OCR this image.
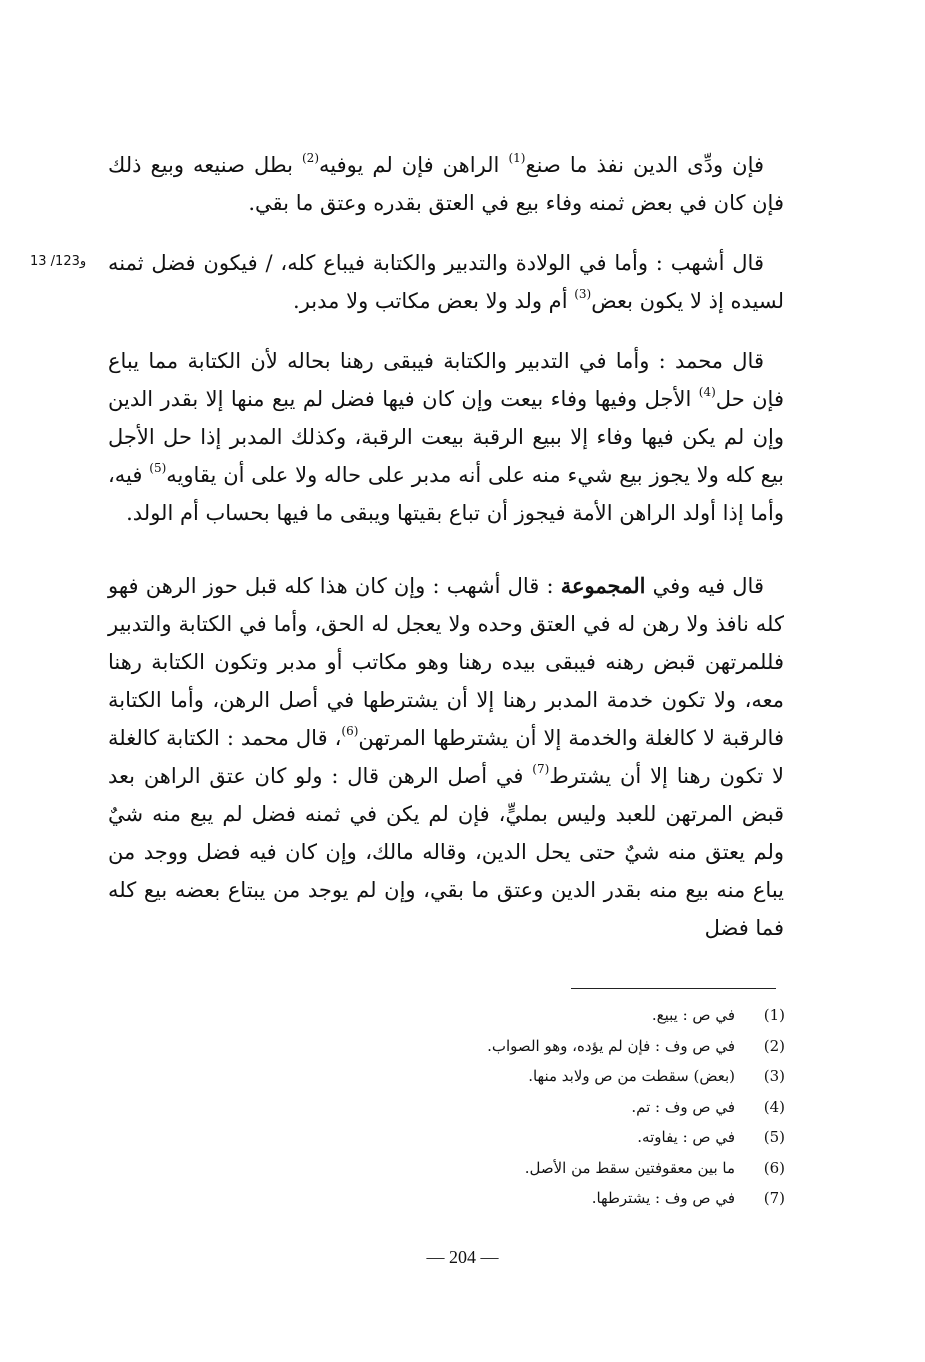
فإن ودِّى الدين نفذ ما صنع$^{(1)}$ الراهن فإن لم يوفيه$^{(2)}$ بطل صنيعه وبيع ذلك فإن كان في بعض ثمنه وفاء بيع في العتق بقدره وعتق ما بقي.
13 /123و قال أشهب : وأما في الولادة والتدبير والكتابة فيباع كله، / فيكون فضل ثمنه لسيده إذ لا يكون بعض$^{(3)}$ أم ولد ولا بعض مكاتب ولا مدبر.
قال محمد : وأما في التدبير والكتابة فيبقى رهنا بحاله لأن الكتابة مما يباع فإن حل$^{(4)}$ الأجل وفيها وفاء بيعت وإن كان فيها فضل لم يبع منها إلا بقدر الدين وإن لم يكن فيها وفاء إلا ببيع الرقبة بيعت الرقبة، وكذلك المدبر إذا حل الأجل بيع كله ولا يجوز بيع شيء منه على أنه مدبر على حاله ولا على أن يقاويه$^{(5)}$ فيه، وأما إذا أولد الراهن الأمة فيجوز أن تباع بقيتها ويبقى ما فيها بحساب أم الولد.
قال فيه وفي المجموعة : قال أشهب : وإن كان هذا كله قبل حوز الرهن فهو كله نافذ ولا رهن له في العتق وحده ولا يعجل له الحق، وأما في الكتابة والتدبير فللمرتهن قبض رهنه فيبقى بيده رهنا وهو مكاتب أو مدبر وتكون الكتابة رهنا معه، ولا تكون خدمة المدبر رهنا إلا أن يشترطها في أصل الرهن، وأما الكتابة فالرقبة لا كالغلة والخدمة إلا أن يشترطها المرتهن$^{(6)}$، قال محمد : الكتابة كالغلة لا تكون رهنا إلا أن يشترط$^{(7)}$ في أصل الرهن قال : ولو كان عتق الراهن بعد قبض المرتهن للعبد وليس بمليٍّ، فإن لم يكن في ثمنه فضل لم يبع منه شيٌ ولم يعتق منه شيٌ حتى يحل الدين، وقاله مالك، وإن كان فيه فضل ووجد من يباع منه بيع منه بقدر الدين وعتق ما بقي، وإن لم يوجد من يبتاع بعضه بيع كله فما فضل
( 1 )
في ص : يبيع.
( 2 )
في ص وف : فإن لم يؤده، وهو الصواب.
( 3 )
(بعض) سقطت من ص ولابد منها.
( 4 )
في ص وف : تم.
( 5 )
في ص : يفاوته.
( 6 )
ما بين معقوفتين سقط من الأصل.
( 7 )
في ص وف : يشترطها.
— 204 —
